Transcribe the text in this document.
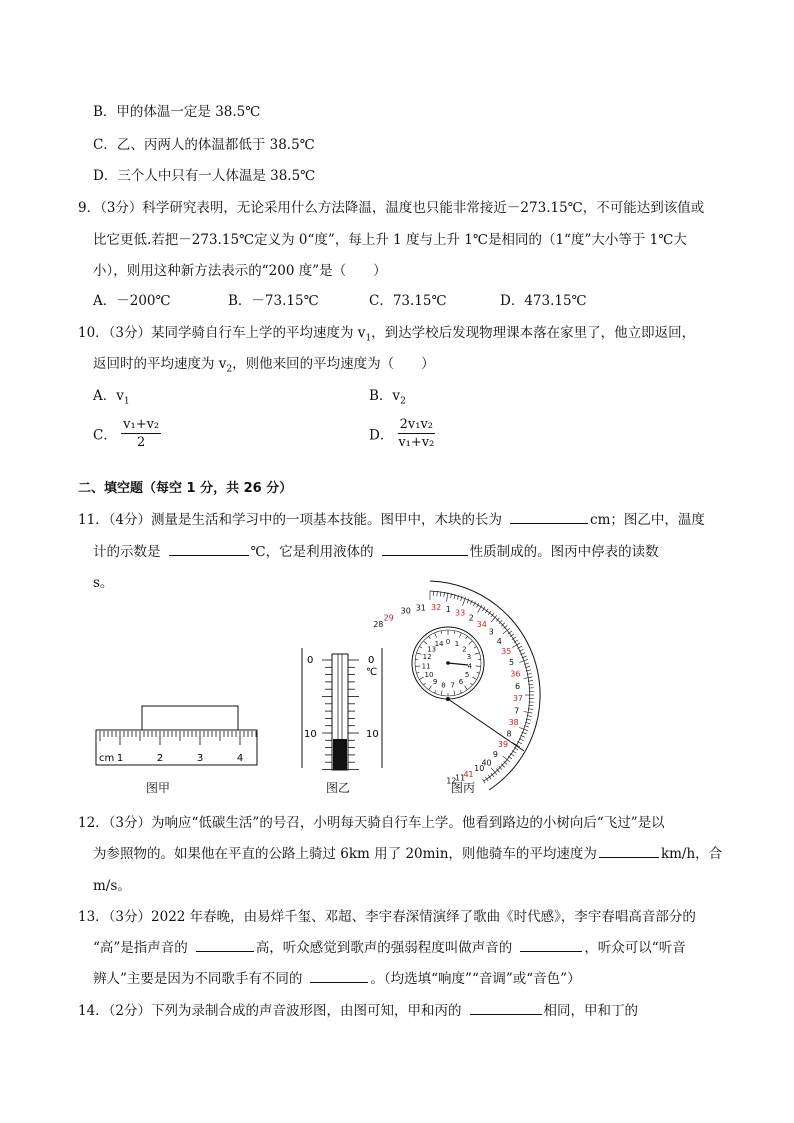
B．甲的体温一定是 38.5℃
C．乙、丙两人的体温都低于 38.5℃
D．三个人中只有一人体温是 38.5℃
9．（3分）科学研究表明，无论采用什么方法降温，温度也只能非常接近－273.15℃，不可能达到该值或
比它更低.若把－273.15℃定义为 0“度”，每上升 1 度与上升 1℃是相同的（1“度”大小等于 1℃大
小），则用这种新方法表示的“200 度”是（　　）
A．－200℃	B．－73.15℃	C．73.15℃	D．473.15℃
10．（3分）某同学骑自行车上学的平均速度为 $v_1$，到达学校后发现物理课本落在家里了，他立即返回，
返回时的平均速度为 $v_2$，则他来回的平均速度为（　　）
A．$v_1$	B．$v_2$
C． $\frac{\text{v₁+v₂}}{2}$	D． $\frac{\text{2v₁v₂}}{\text{v₁+v₂}}$
二、填空题（每空 1 分，共 26 分）
11．（4分）测量是生活和学习中的一项基本技能。图甲中，木块的长为	cm；图乙中，温度
计的示数是	℃，它是利用液体的	性质制成的。图丙中停表的读数
s。
cm 1	2	3	4
图甲
0
10
0
℃
10
图乙
29
30 31 32 1 33
2
34
3
4
35
5
36
6
37
7
38
8
39
9
40
10
41
11
12
28
0 1
2
3
4
5
6
7
8
9
10
11
12
13
14
图丙
12．（3分）为响应“低碳生活”的号召，小明每天骑自行车上学。他看到路边的小树向后“飞过”是以
为参照物的。如果他在平直的公路上骑过 6km 用了 20min，则他骑车的平均速度为	km/h，合
m/s。
13．（3分）2022 年春晚，由易烊千玺、邓超、李宇春深情演绎了歌曲《时代感》，李宇春唱高音部分的
“高”是指声音的	高，听众感觉到歌声的强弱程度叫做声音的	，听众可以“听音
辨人”主要是因为不同歌手有不同的	。（均选填“响度”“音调”或“音色”）
14．（2分）下列为录制合成的声音波形图，由图可知，甲和丙的	相同，甲和丁的
